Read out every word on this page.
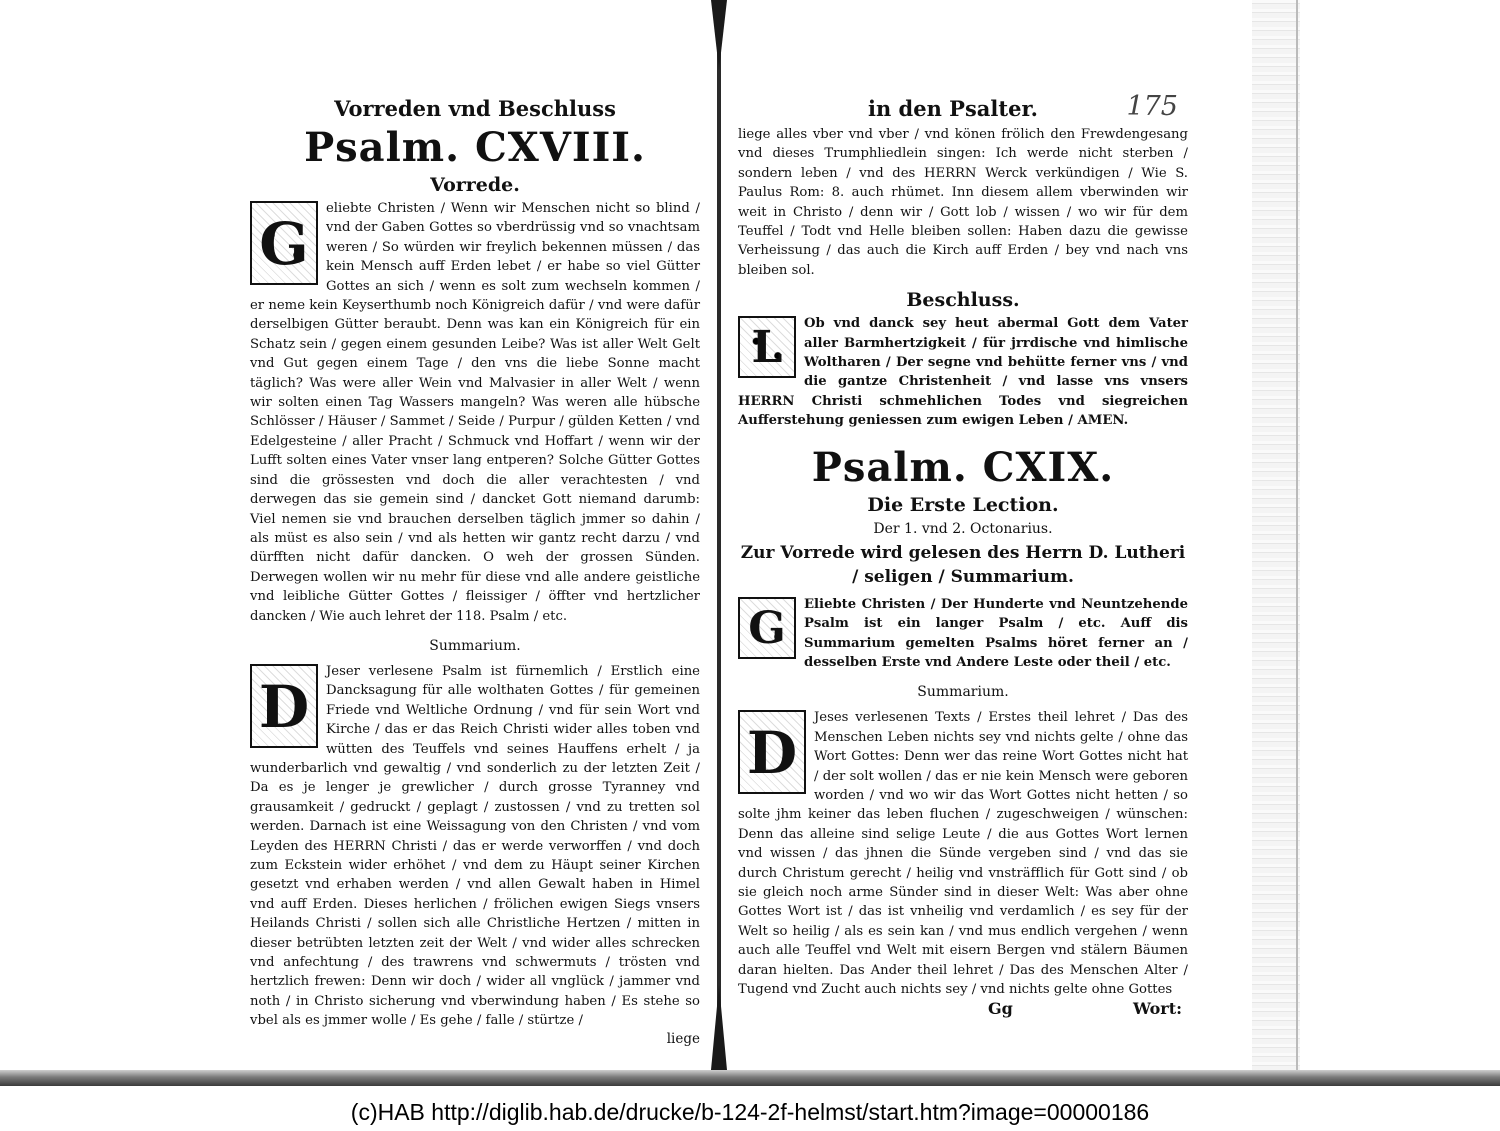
Vorreden vnd Beschluss

Psalm. CXVIII.

Vorrede.

G

eliebte Christen / Wenn wir Menschen nicht so blind / vnd der Gaben Gottes so vberdrüssig vnd so vnachtsam weren / So würden wir freylich bekennen müssen / das kein Mensch auff Erden lebet / er habe so viel Gütter Gottes an sich / wenn es solt zum wechseln kommen / er neme kein Keyserthumb noch Königreich dafür / vnd were dafür derselbigen Gütter beraubt. Denn was kan ein Königreich für ein Schatz sein / gegen einem gesunden Leibe? Was ist aller Welt Gelt vnd Gut gegen einem Tage / den vns die liebe Sonne macht täglich? Was were aller Wein vnd Malvasier in aller Welt / wenn wir solten einen Tag Wassers mangeln? Was weren alle hübsche Schlösser / Häuser / Sammet / Seide / Purpur / gülden Ketten / vnd Edelgesteine / aller Pracht / Schmuck vnd Hoffart / wenn wir der Lufft solten eines Vater vnser lang entperen? Solche Gütter Gottes sind die grössesten vnd doch die aller verachtesten / vnd derwegen das sie gemein sind / dancket Gott niemand darumb: Viel nemen sie vnd brauchen derselben täglich jmmer so dahin / als müst es also sein / vnd als hetten wir gantz recht darzu / vnd dürfften nicht dafür dancken. O weh der grossen Sünden. Derwegen wollen wir nu mehr für diese vnd alle andere geistliche vnd leibliche Gütter Gottes / fleissiger / öffter vnd hertzlicher dancken / Wie auch lehret der 118. Psalm / etc.

Summarium.

D

Jeser verlesene Psalm ist fürnemlich / Erstlich eine Dancksagung für alle wolthaten Gottes / für gemeinen Friede vnd Weltliche Ordnung / vnd für sein Wort vnd Kirche / das er das Reich Christi wider alles toben vnd wütten des Teuffels vnd seines Hauffens erhelt / ja wunderbarlich vnd gewaltig / vnd sonderlich zu der letzten Zeit / Da es je lenger je grewlicher / durch grosse Tyranney vnd grausamkeit / gedruckt / geplagt / zustossen / vnd zu tretten sol werden. Darnach ist eine Weissagung von den Christen / vnd vom Leyden des HERRN Christi / das er werde verworffen / vnd doch zum Eckstein wider erhöhet / vnd dem zu Häupt seiner Kirchen gesetzt vnd erhaben werden / vnd allen Gewalt haben in Himel vnd auff Erden. Dieses herlichen / frölichen ewigen Siegs vnsers Heilands Christi / sollen sich alle Christliche Hertzen / mitten in dieser betrübten letzten zeit der Welt / vnd wider alles schrecken vnd anfechtung / des trawrens vnd schwermuts / trösten vnd hertzlich frewen: Denn wir doch / wider all vnglück / jammer vnd noth / in Christo sicherung vnd vberwindung haben / Es stehe so vbel als es jmmer wolle / Es gehe / falle / stürtze /

liege

in den Psalter.	175

liege alles vber vnd vber / vnd könen frölich den Frewdengesang vnd dieses Trumphliedlein singen: Ich werde nicht sterben / sondern leben / vnd des HERRN Werck verkündigen / Wie S. Paulus Rom: 8. auch rhümet. Inn diesem allem vberwinden wir weit in Christo / denn wir / Gott lob / wissen / wo wir für dem Teuffel / Todt vnd Helle bleiben sollen: Haben dazu die gewisse Verheissung / das auch die Kirch auff Erden / bey vnd nach vns bleiben sol.

Beschluss.

L	Ob vnd danck sey heut abermal Gott dem Vater aller Barmhertzigkeit / für jrrdische vnd himlische Woltharen / Der segne vnd behütte ferner vns / vnd die gantze Christenheit / vnd lasse vns vnsers HERRN Christi schmehlichen Todes vnd siegreichen Aufferstehung geniessen zum ewigen Leben / AMEN.

Psalm. CXIX.

Die Erste Lection.

Der 1. vnd 2. Octonarius.

Zur Vorrede wird gelesen des Herrn D. Lutheri / seligen / Summarium.

G	Eliebte Christen / Der Hunderte vnd Neuntzehende Psalm ist ein langer Psalm / etc. Auff dis Summarium gemelten Psalms höret ferner an / desselben Erste vnd Andere Leste oder theil / etc.

Summarium.

D

Jeses verlesenen Texts / Erstes theil lehret / Das des Menschen Leben nichts sey vnd nichts gelte / ohne das Wort Gottes: Denn wer das reine Wort Gottes nicht hat / der solt wollen / das er nie kein Mensch were geboren worden / vnd wo wir das Wort Gottes nicht hetten / so solte jhm keiner das leben fluchen / zugeschweigen / wünschen: Denn das alleine sind selige Leute / die aus Gottes Wort lernen vnd wissen / das jhnen die Sünde vergeben sind / vnd das sie durch Christum gerecht / heilig vnd vnsträfflich für Gott sind / ob sie gleich noch arme Sünder sind in dieser Welt: Was aber ohne Gottes Wort ist / das ist vnheilig vnd verdamlich / es sey für der Welt so heilig / als es sein kan / vnd mus endlich vergehen / wenn auch alle Teuffel vnd Welt mit eisern Bergen vnd stälern Bäumen daran hielten. Das Ander theil lehret / Das des Menschen Alter / Tugend vnd Zucht auch nichts sey / vnd nichts gelte ohne Gottes

Gg	Wort:
(c)HAB http://diglib.hab.de/drucke/b-124-2f-helmst/start.htm?image=00000186
